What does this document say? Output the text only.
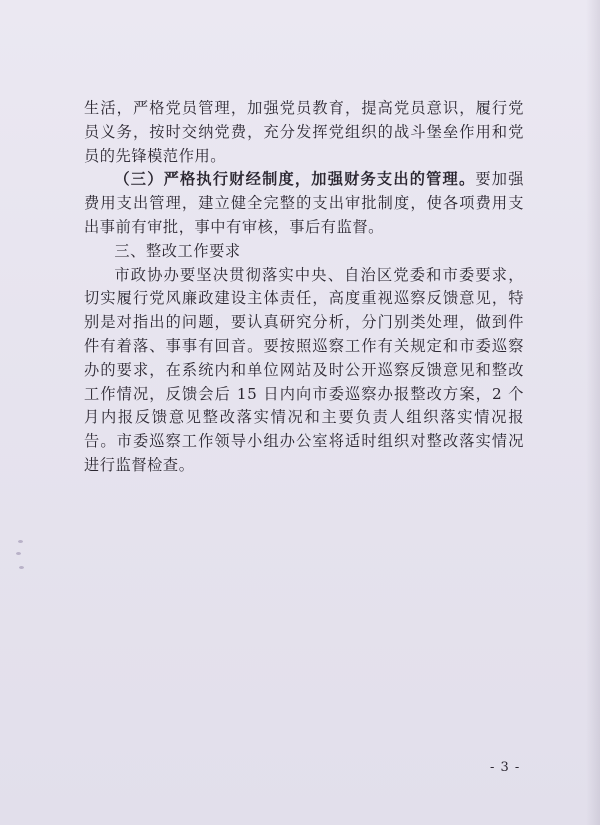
生活，严格党员管理，加强党员教育，提高党员意识，履行党员义务，按时交纳党费，充分发挥党组织的战斗堡垒作用和党员的先锋模范作用。

（三）严格执行财经制度，加强财务支出的管理。要加强费用支出管理，建立健全完整的支出审批制度，使各项费用支出事前有审批，事中有审核，事后有监督。

三、整改工作要求

市政协办要坚决贯彻落实中央、自治区党委和市委要求，切实履行党风廉政建设主体责任，高度重视巡察反馈意见，特别是对指出的问题，要认真研究分析，分门别类处理，做到件件有着落、事事有回音。要按照巡察工作有关规定和市委巡察办的要求，在系统内和单位网站及时公开巡察反馈意见和整改工作情况，反馈会后 15 日内向市委巡察办报整改方案，2 个月内报反馈意见整改落实情况和主要负责人组织落实情况报告。市委巡察工作领导小组办公室将适时组织对整改落实情况进行监督检查。

- 3 -
